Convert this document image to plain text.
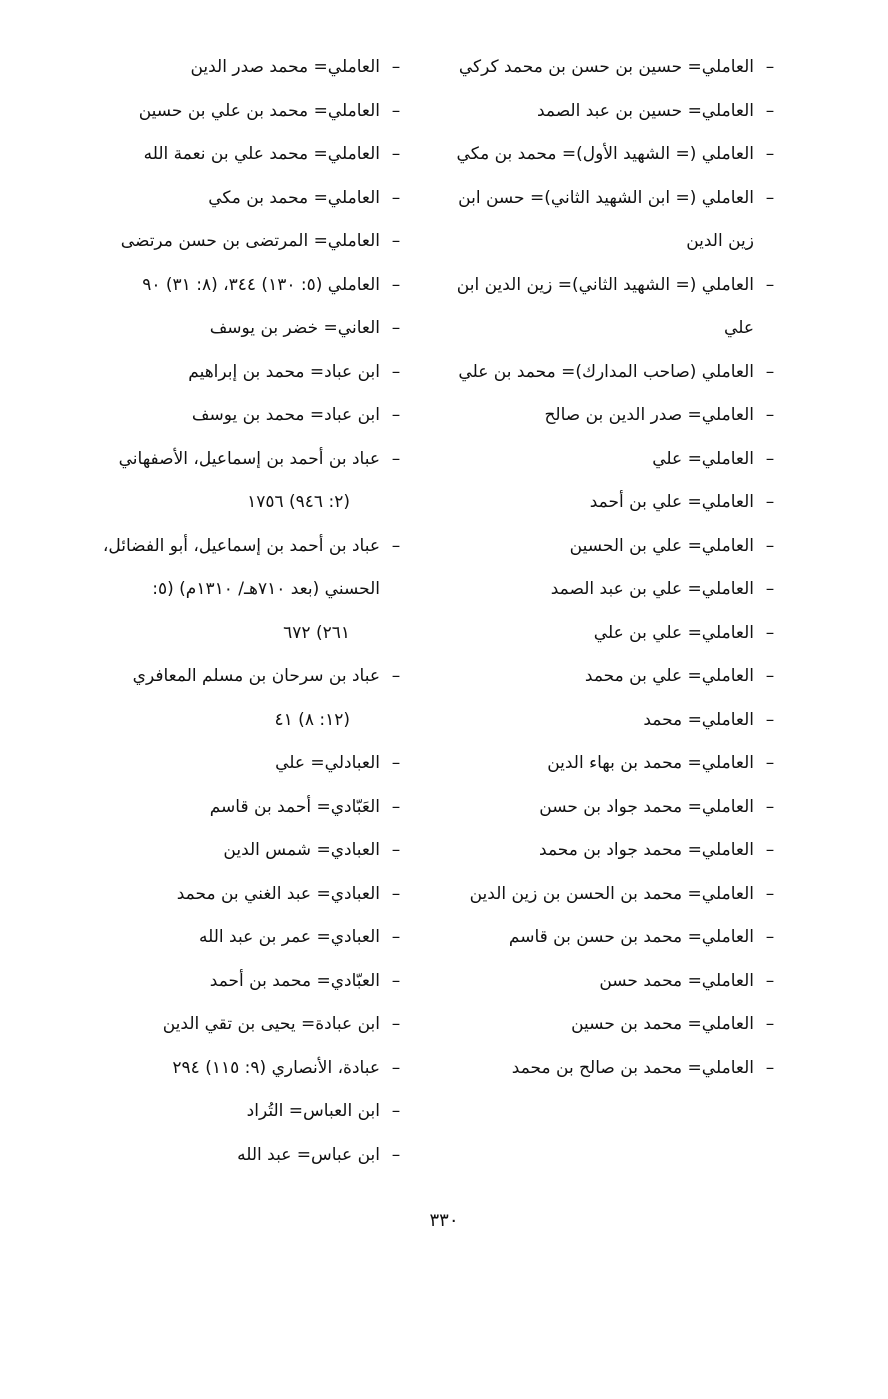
–
العاملي= حسين بن حسن بن محمد كركي
–
العاملي= حسين بن عبد الصمد
–
العاملي (= الشهيد الأول)= محمد بن مكي
–
العاملي (= ابن الشهيد الثاني)= حسن ابن زين الدين
–
العاملي (= الشهيد الثاني)= زين الدين ابن علي
–
العاملي (صاحب المدارك)= محمد بن علي
–
العاملي= صدر الدين بن صالح
–
العاملي= علي
–
العاملي= علي بن أحمد
–
العاملي= علي بن الحسين
–
العاملي= علي بن عبد الصمد
–
العاملي= علي بن علي
–
العاملي= علي بن محمد
–
العاملي= محمد
–
العاملي= محمد بن بهاء الدين
–
العاملي= محمد جواد بن حسن
–
العاملي= محمد جواد بن محمد
–
العاملي= محمد بن الحسن بن زين الدين
–
العاملي= محمد بن حسن بن قاسم
–
العاملي= محمد حسن
–
العاملي= محمد بن حسين
–
العاملي= محمد بن صالح بن محمد
–
العاملي= محمد صدر الدين
–
العاملي= محمد بن علي بن حسين
–
العاملي= محمد علي بن نعمة الله
–
العاملي= محمد بن مكي
–
العاملي= المرتضى بن حسن مرتضى
–
العاملي (٥: ١٣٠) ٣٤٤، (٨: ٣١) ٩٠
–
العاني= خضر بن يوسف
–
ابن عباد= محمد بن إبراهيم
–
ابن عباد= محمد بن يوسف
–
عباد بن أحمد بن إسماعيل، الأصفهاني
(٢: ٩٤٦) ١٧٥٦
–
عباد بن أحمد بن إسماعيل، أبو الفضائل، الحسني (بعد ٧١٠هـ/ ١٣١٠م) (٥:
٢٦١) ٦٧٢
–
عباد بن سرحان بن مسلم المعافري
(١٢: ٨) ٤١
–
العبادلي= علي
–
العَبّادي= أحمد بن قاسم
–
العبادي= شمس الدين
–
العبادي= عبد الغني بن محمد
–
العبادي= عمر بن عبد الله
–
العبّادي= محمد بن أحمد
–
ابن عبادة= يحيى بن تقي الدين
–
عبادة، الأنصاري (٩: ١١٥) ٢٩٤
–
ابن العباس= التُراد
–
ابن عباس= عبد الله
٣٣٠
